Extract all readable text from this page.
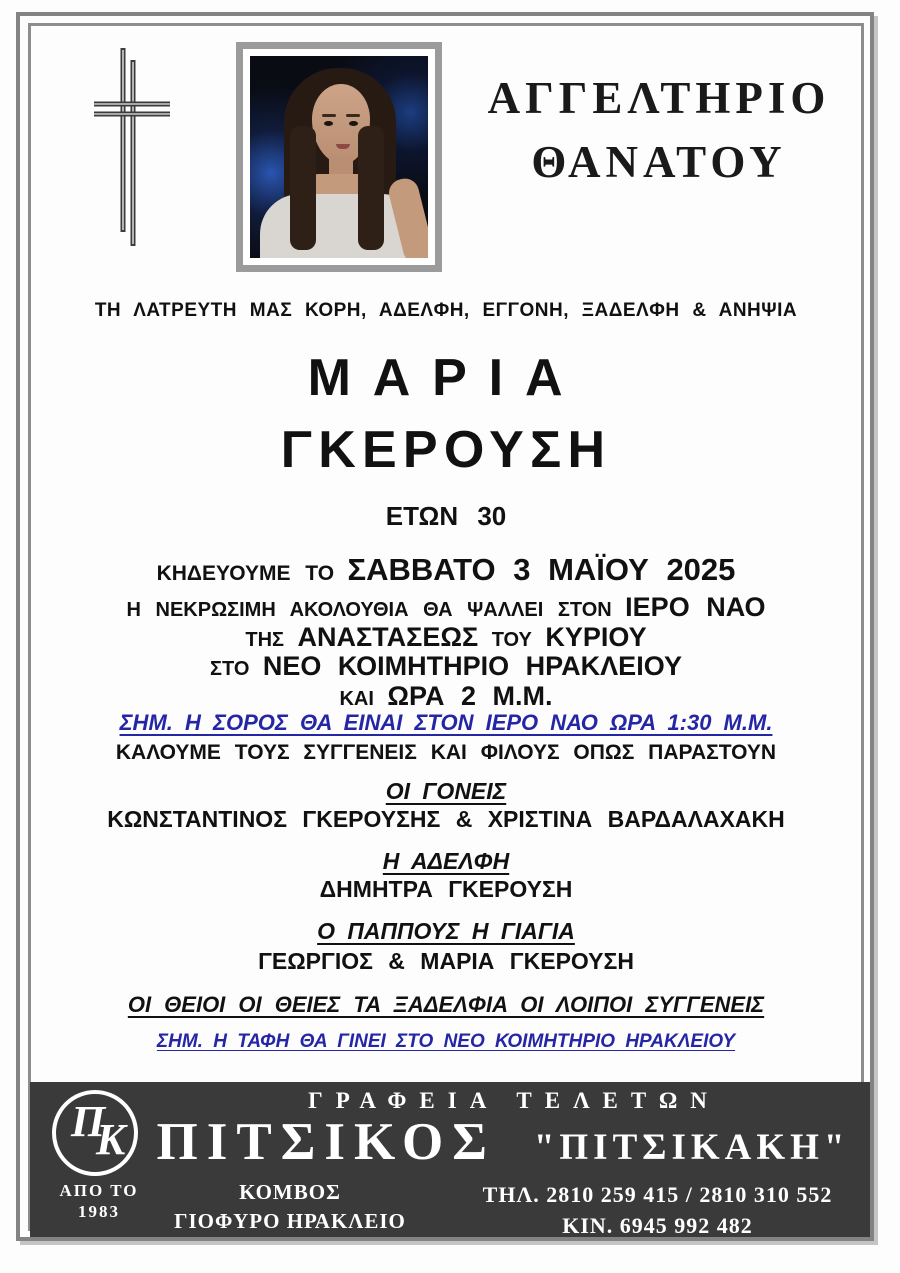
ΑΓΓΕΛΤΗΡΙΟ
ΘΑΝΑΤΟΥ
ΤΗ ΛΑΤΡΕΥΤΗ ΜΑΣ ΚΟΡΗ, ΑΔΕΛΦΗ, ΕΓΓΟΝΗ, ΞΑΔΕΛΦΗ & ΑΝΗΨΙΑ
ΜΑΡΙΑ
ΓΚΕΡΟΥΣΗ
ΕΤΩΝ 30
ΚΗΔΕΥΟΥΜΕ ΤΟ ΣΑΒΒΑΤΟ 3 ΜΑΪΟΥ 2025
Η ΝΕΚΡΩΣΙΜΗ ΑΚΟΛΟΥΘΙΑ ΘΑ ΨΑΛΛΕΙ ΣΤΟΝ ΙΕΡΟ ΝΑΟ
ΤΗΣ ΑΝΑΣΤΑΣΕΩΣ ΤΟΥ ΚΥΡΙΟΥ
ΣΤΟ ΝΕΟ ΚΟΙΜΗΤΗΡΙΟ ΗΡΑΚΛΕΙΟΥ
ΚΑΙ ΩΡΑ 2 Μ.Μ.
ΣΗΜ. Η ΣΟΡΟΣ ΘΑ ΕΙΝΑΙ ΣΤΟΝ ΙΕΡΟ ΝΑΟ ΩΡΑ 1:30 Μ.Μ.
ΚΑΛΟΥΜΕ ΤΟΥΣ ΣΥΓΓΕΝΕΙΣ ΚΑΙ ΦΙΛΟΥΣ ΟΠΩΣ ΠΑΡΑΣΤΟΥΝ
ΟΙ ΓΟΝΕΙΣ
ΚΩΝΣΤΑΝΤΙΝΟΣ ΓΚΕΡΟΥΣΗΣ & ΧΡΙΣΤΙΝΑ ΒΑΡΔΑΛΑΧΑΚΗ
Η ΑΔΕΛΦΗ
ΔΗΜΗΤΡΑ ΓΚΕΡΟΥΣΗ
Ο ΠΑΠΠΟΥΣ Η ΓΙΑΓΙΑ
ΓΕΩΡΓΙΟΣ & ΜΑΡΙΑ ΓΚΕΡΟΥΣΗ
ΟΙ ΘΕΙΟΙ ΟΙ ΘΕΙΕΣ ΤΑ ΞΑΔΕΛΦΙΑ ΟΙ ΛΟΙΠΟΙ ΣΥΓΓΕΝΕΙΣ
ΣΗΜ. Η ΤΑΦΗ ΘΑ ΓΙΝΕΙ ΣΤΟ ΝΕΟ ΚΟΙΜΗΤΗΡΙΟ ΗΡΑΚΛΕΙΟΥ
Π
Κ
ΑΠΟ ΤΟ
1983
ΓΡΑΦΕΙΑ ΤΕΛΕΤΩΝ
ΠΙΤΣΙΚΟΣ "ΠΙΤΣΙΚΑΚΗ"
ΚΟΜΒΟΣ
ΓΙΟΦΥΡΟ ΗΡΑΚΛΕΙΟ
ΤΗΛ. 2810 259 415 / 2810 310 552
ΚΙΝ. 6945 992 482
